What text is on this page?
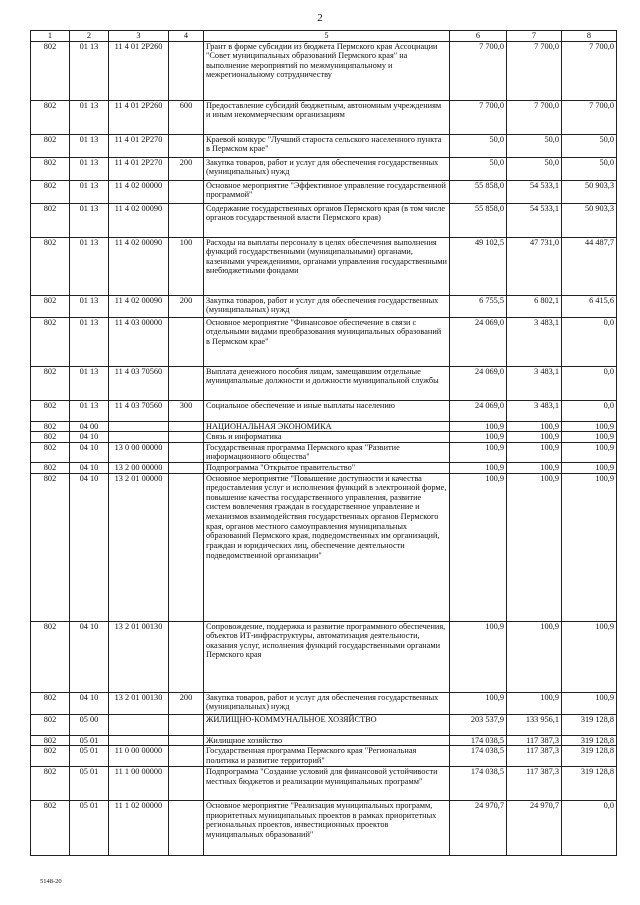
2
1	2	3	4	5	6	7	8
802	01 13	11 4 01 2P260		Грант в форме субсидии из бюджета Пермского края Ассоциации "Совет муниципальных образований Пермского края" на выполнение мероприятий по межмуниципальному и межрегиональному сотрудничеству	7 700,0	7 700,0	7 700,0
802	01 13	11 4 01 2P260	600	Предоставление субсидий бюджетным, автономным учреждениям и иным некоммерческим организациям	7 700,0	7 700,0	7 700,0
802	01 13	11 4 01 2P270		Краевой конкурс "Лучший староста сельского населенного пункта в Пермском крае"	50,0	50,0	50,0
802	01 13	11 4 01 2P270	200	Закупка товаров, работ и услуг для обеспечения государственных (муниципальных) нужд	50,0	50,0	50,0
802	01 13	11 4 02 00000		Основное мероприятие "Эффективное управление государственной программой"	55 858,0	54 533,1	50 903,3
802	01 13	11 4 02 00090		Содержание государственных органов Пермского края (в том числе органов государственной власти Пермского края)	55 858,0	54 533,1	50 903,3
802	01 13	11 4 02 00090	100	Расходы на выплаты персоналу в целях обеспечения выполнения функций государственными (муниципальными) органами, казенными учреждениями, органами управления государственными внебюджетными фондами	49 102,5	47 731,0	44 487,7
802	01 13	11 4 02 00090	200	Закупка товаров, работ и услуг для обеспечения государственных (муниципальных) нужд	6 755,5	6 802,1	6 415,6
802	01 13	11 4 03 00000		Основное мероприятие "Финансовое обеспечение в связи с отдельными видами преобразования муниципальных образований в Пермском крае"	24 069,0	3 483,1	0,0
802	01 13	11 4 03 70560		Выплата денежного пособия лицам, замещавшим отдельные муниципальные должности и должности муниципальной службы	24 069,0	3 483,1	0,0
802	01 13	11 4 03 70560	300	Социальное обеспечение и иные выплаты населению	24 069,0	3 483,1	0,0
802	04 00			НАЦИОНАЛЬНАЯ ЭКОНОМИКА	100,9	100,9	100,9
802	04 10			Связь и информатика	100,9	100,9	100,9
802	04 10	13 0 00 00000		Государственная программа Пермского края "Развитие информационного общества"	100,9	100,9	100,9
802	04 10	13 2 00 00000		Подпрограмма "Открытое правительство"	100,9	100,9	100,9
802	04 10	13 2 01 00000		Основное мероприятие "Повышение доступности и качества предоставления услуг и исполнения функций в электронной форме, повышение качества государственного управления, развитие систем вовлечения граждан в государственное управление и механизмов взаимодействия государственных органов Пермского края, органов местного самоуправления муниципальных образований Пермского края, подведомственных им организаций, граждан и юридических лиц, обеспечение деятельности подведомственной организации"	100,9	100,9	100,9
802	04 10	13 2 01 00130		Сопровождение, поддержка и развитие программного обеспечения, объектов ИТ-инфраструктуры, автоматизация деятельности, оказания услуг, исполнения функций государственными органами Пермского края	100,9	100,9	100,9
802	04 10	13 2 01 00130	200	Закупка товаров, работ и услуг для обеспечения государственных (муниципальных) нужд	100,9	100,9	100,9
802	05 00			ЖИЛИЩНО-КОММУНАЛЬНОЕ ХОЗЯЙСТВО	203 537,9	133 956,1	319 128,8
802	05 01			Жилищное хозяйство	174 038,5	117 387,3	319 128,8
802	05 01	11 0 00 00000		Государственная программа Пермского края "Региональная политика и развитие территорий"	174 038,5	117 387,3	319 128,8
802	05 01	11 1 00 00000		Подпрограмма "Создание условий для финансовой устойчивости местных бюджетов и реализации муниципальных программ"	174 038,5	117 387,3	319 128,8
802	05 01	11 1 02 00000		Основное мероприятие "Реализация муниципальных программ, приоритетных муниципальных проектов в рамках приоритетных региональных проектов, инвестиционных проектов муниципальных образований"	24 970,7	24 970,7	0,0
5148-20
